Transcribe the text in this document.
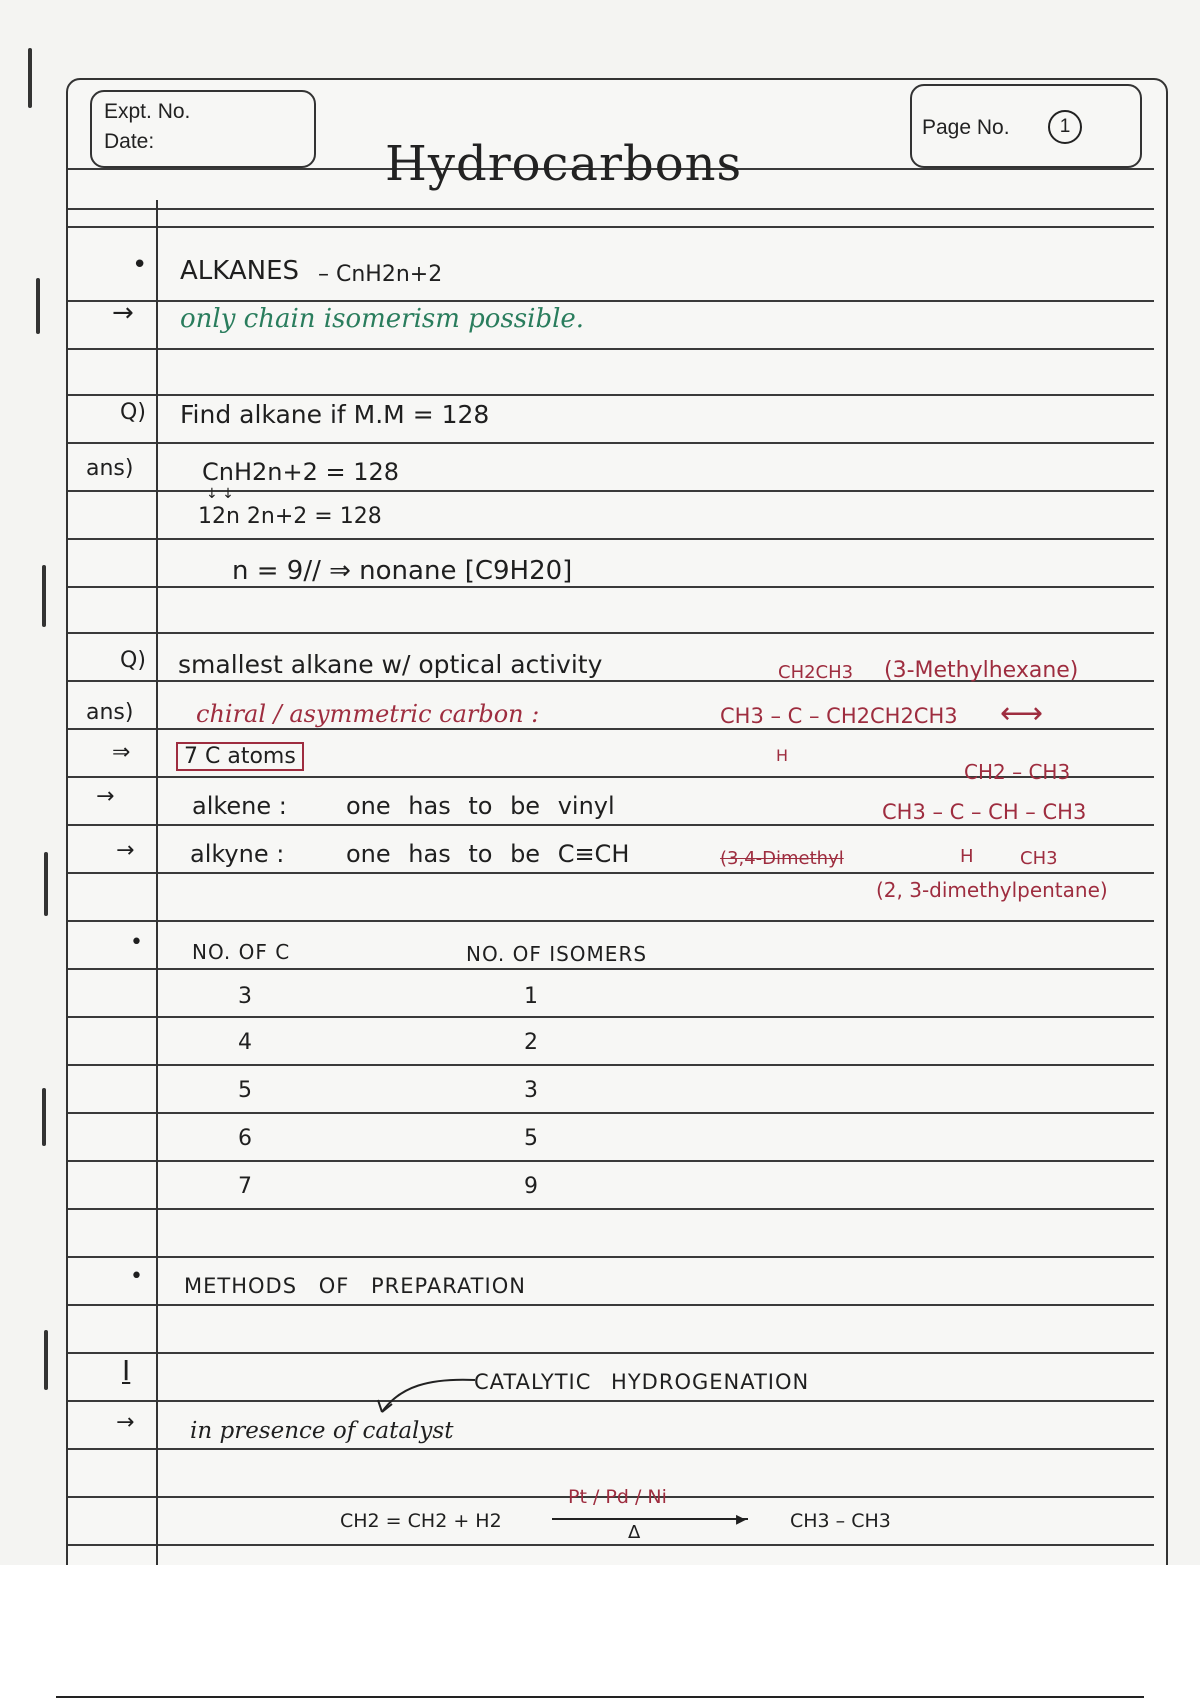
Expt. No.
Date:
Page No.	1
Hydrocarbons
• ALKANES – CnH2n+2
→ only chain isomerism possible.
Q) Find alkane if M.M = 128
ans)	CnH2n+2 = 128
↓ ↓
12n 2n+2 = 128
n = 9// ⇒ nonane [C9H20]
Q) smallest alkane w/ optical activity
ans)	chiral / asymmetric carbon :
⇒	7 C atoms
→	alkene : one has to be vinyl
→ alkyne :	one has to be C≡CH
CH2CH3 (3-Methylhexane)
CH3 – C – CH2CH2CH3
H
⟷
CH2 – CH3
CH3 – C – CH – CH3
H	CH3
(3,4-Dimethyl
(2, 3-dimethylpentane)
• NO. OF C	NO. OF ISOMERS
3	1
4	2
5	3
6	5
7	9
• METHODS OF PREPARATION
I	CATALYTIC HYDROGENATION
→ in presence of catalyst
CH2 = CH2 + H2
Pt / Pd / Ni
▸
Δ
CH3 – CH3
